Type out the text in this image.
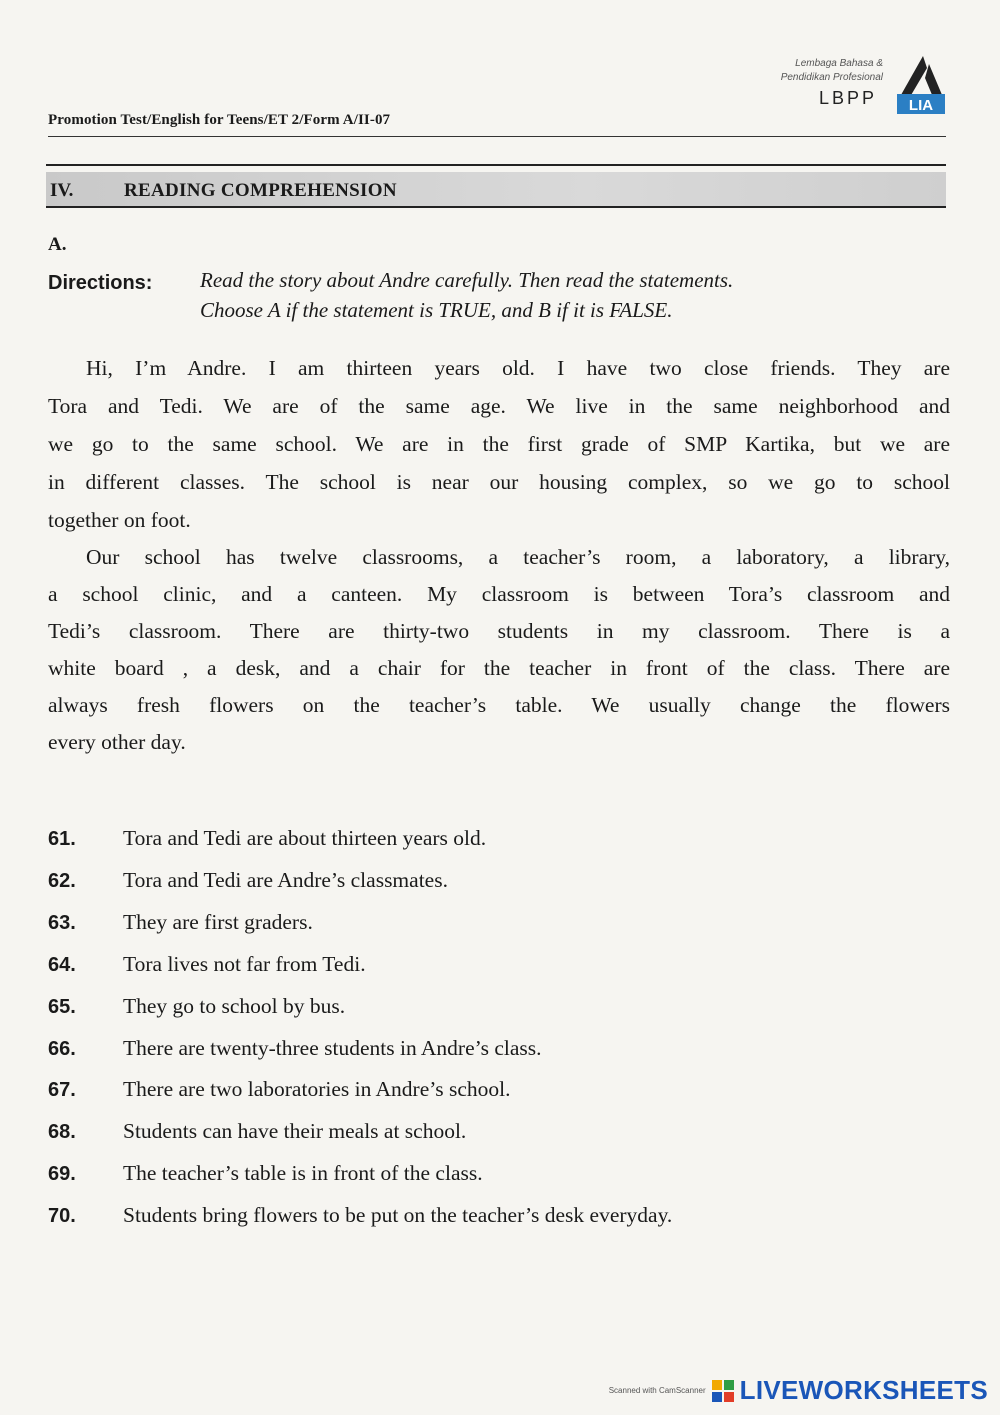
Promotion Test/English for Teens/ET 2/Form A/II-07
Lembaga Bahasa &
Pendidikan Profesional
LBPP LIA
IV.	READING COMPREHENSION
A.
Directions: Read the story about Andre carefully. Then read the statements.
Choose A if the statement is TRUE, and B if it is FALSE.
Hi, I’m Andre. I am thirteen years old. I have two close friends. They are
Tora and Tedi. We are of the same age. We live in the same neighborhood and
we go to the same school. We are in the first grade of SMP Kartika, but we are
in different classes. The school is near our housing complex, so we go to school
together on foot.
Our school has twelve classrooms, a teacher’s room, a laboratory, a library,
a school clinic, and a canteen. My classroom is between Tora’s classroom and
Tedi’s classroom. There are thirty-two students in my classroom. There is a
white board , a desk, and a chair for the teacher in front of the class. There are
always fresh flowers on the teacher’s table. We usually change the flowers
every other day.
61. Tora and Tedi are about thirteen years old.
62. Tora and Tedi are Andre’s classmates.
63. They are first graders.
64. Tora lives not far from Tedi.
65. They go to school by bus.
66. There are twenty-three students in Andre’s class.
67. There are two laboratories in Andre’s school.
68. Students can have their meals at school.
69. The teacher’s table is in front of the class.
70. Students bring flowers to be put on the teacher’s desk everyday.
Scanned with CamScanner LIVEWORKSHEETS
